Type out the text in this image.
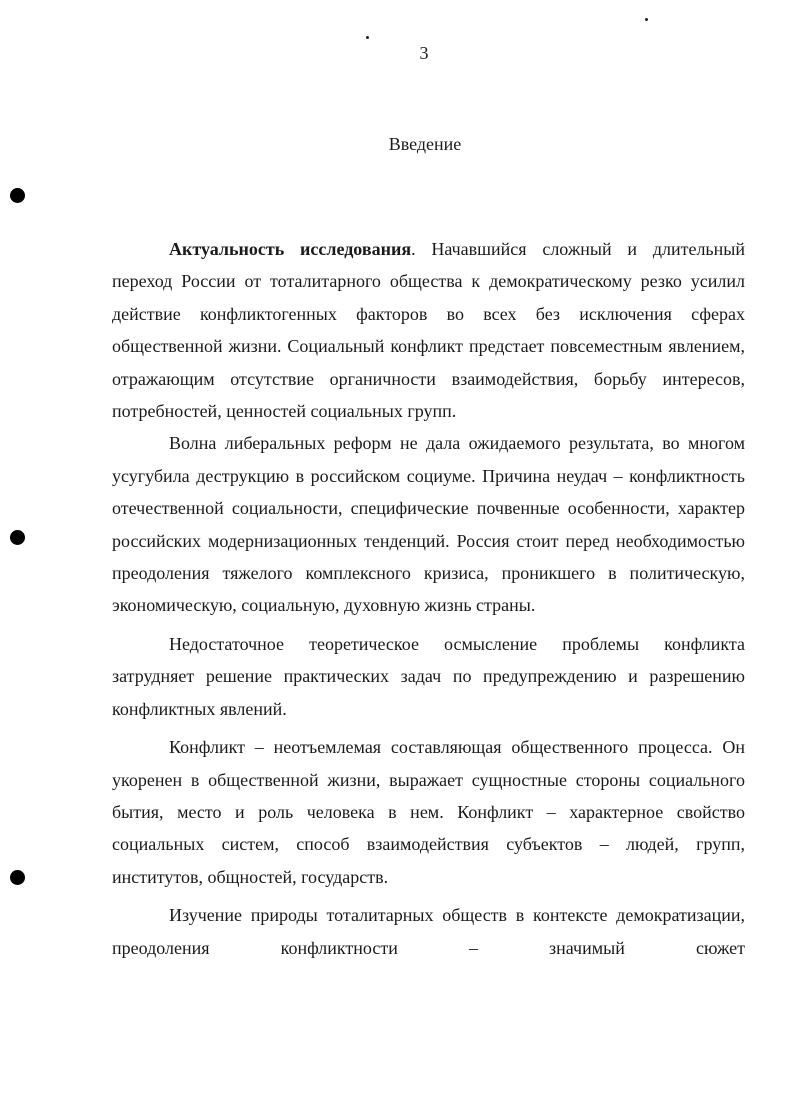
3
Введение

Актуальность исследования. Начавшийся сложный и длительный переход России от тоталитарного общества к демократическому резко усилил действие конфликтогенных факторов во всех без исключения сферах общественной жизни. Социальный конфликт предстает повсеместным явлением, отражающим отсутствие органичности взаимодействия, борьбу интересов, потребностей, ценностей социальных групп.

Волна либеральных реформ не дала ожидаемого результата, во многом усугубила деструкцию в российском социуме. Причина неудач – конфликтность отечественной социальности, специфические почвенные особенности, характер российских модернизационных тенденций. Россия стоит перед необходимостью преодоления тяжелого комплексного кризиса, проникшего в политическую, экономическую, социальную, духовную жизнь страны.

Недостаточное теоретическое осмысление проблемы конфликта затрудняет решение практических задач по предупреждению и разрешению конфликтных явлений.

Конфликт – неотъемлемая составляющая общественного процесса. Он укоренен в общественной жизни, выражает сущностные стороны социального бытия, место и роль человека в нем. Конфликт – характерное свойство социальных систем, способ взаимодействия субъектов – людей, групп, институтов, общностей, государств.

Изучение природы тоталитарных обществ в контексте демократизации, преодоления конфликтности – значимый сюжет
